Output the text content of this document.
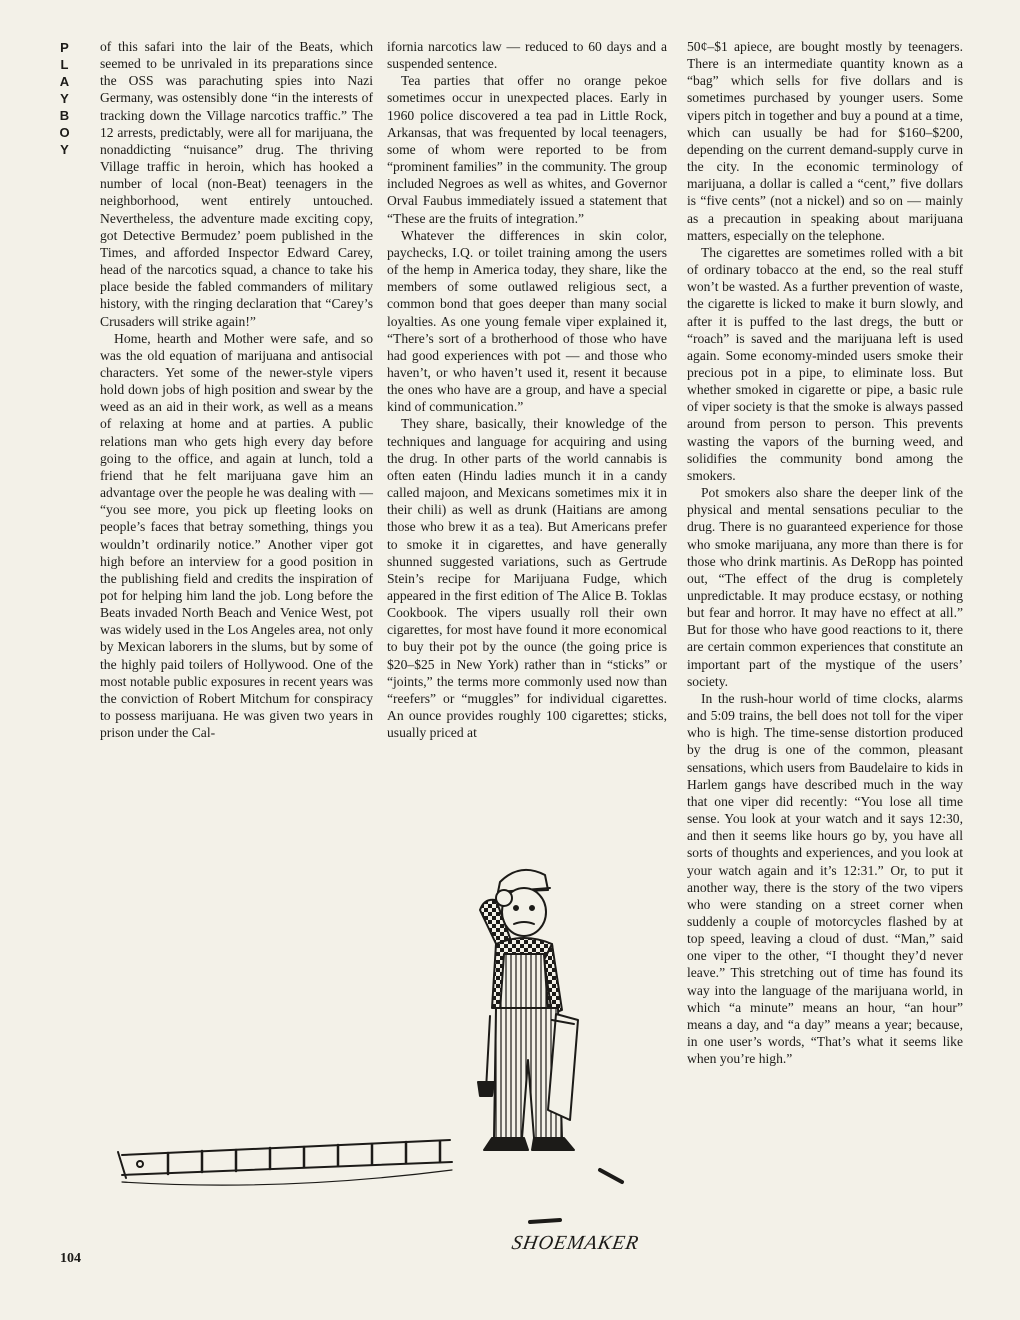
P
L
A
Y
B
O
Y

of this safari into the lair of the Beats, which seemed to be unrivaled in its preparations since the OSS was parachuting spies into Nazi Germany, was ostensibly done “in the interests of tracking down the Village narcotics traffic.” The 12 arrests, predictably, were all for marijuana, the nonaddicting “nuisance” drug. The thriving Village traffic in heroin, which has hooked a number of local (non-Beat) teenagers in the neighborhood, went entirely untouched. Nevertheless, the adventure made exciting copy, got Detective Bermudez’ poem published in the Times, and afforded Inspector Edward Carey, head of the narcotics squad, a chance to take his place beside the fabled commanders of military history, with the ringing declaration that “Carey’s Crusaders will strike again!”

Home, hearth and Mother were safe, and so was the old equation of marijuana and antisocial characters. Yet some of the newer-style vipers hold down jobs of high position and swear by the weed as an aid in their work, as well as a means of relaxing at home and at parties. A public relations man who gets high every day before going to the office, and again at lunch, told a friend that he felt marijuana gave him an advantage over the people he was dealing with — “you see more, you pick up fleeting looks on people’s faces that betray something, things you wouldn’t ordinarily notice.” Another viper got high before an interview for a good position in the publishing field and credits the inspiration of pot for helping him land the job. Long before the Beats invaded North Beach and Venice West, pot was widely used in the Los Angeles area, not only by Mexican laborers in the slums, but by some of the highly paid toilers of Hollywood. One of the most notable public exposures in recent years was the conviction of Robert Mitchum for conspiracy to possess marijuana. He was given two years in prison under the Cal-

ifornia narcotics law — reduced to 60 days and a suspended sentence.

Tea parties that offer no orange pekoe sometimes occur in unexpected places. Early in 1960 police discovered a tea pad in Little Rock, Arkansas, that was frequented by local teenagers, some of whom were reported to be from “prominent families” in the community. The group included Negroes as well as whites, and Governor Orval Faubus immediately issued a statement that “These are the fruits of integration.”

Whatever the differences in skin color, paychecks, I.Q. or toilet training among the users of the hemp in America today, they share, like the members of some outlawed religious sect, a common bond that goes deeper than many social loyalties. As one young female viper explained it, “There’s sort of a brotherhood of those who have had good experiences with pot — and those who haven’t, or who haven’t used it, resent it because the ones who have are a group, and have a special kind of communication.”

They share, basically, their knowledge of the techniques and language for acquiring and using the drug. In other parts of the world cannabis is often eaten (Hindu ladies munch it in a candy called majoon, and Mexicans sometimes mix it in their chili) as well as drunk (Haitians are among those who brew it as a tea). But Americans prefer to smoke it in cigarettes, and have generally shunned suggested variations, such as Gertrude Stein’s recipe for Marijuana Fudge, which appeared in the first edition of The Alice B. Toklas Cookbook. The vipers usually roll their own cigarettes, for most have found it more economical to buy their pot by the ounce (the going price is $20–$25 in New York) rather than in “sticks” or “joints,” the terms more commonly used now than “reefers” or “muggles” for individual cigarettes. An ounce provides roughly 100 cigarettes; sticks, usually priced at

50¢–$1 apiece, are bought mostly by teenagers. There is an intermediate quantity known as a “bag” which sells for five dollars and is sometimes purchased by younger users. Some vipers pitch in together and buy a pound at a time, which can usually be had for $160–$200, depending on the current demand-supply curve in the city. In the economic terminology of marijuana, a dollar is called a “cent,” five dollars is “five cents” (not a nickel) and so on — mainly as a precaution in speaking about marijuana matters, especially on the telephone.

The cigarettes are sometimes rolled with a bit of ordinary tobacco at the end, so the real stuff won’t be wasted. As a further prevention of waste, the cigarette is licked to make it burn slowly, and after it is puffed to the last dregs, the butt or “roach” is saved and the marijuana left is used again. Some economy-minded users smoke their precious pot in a pipe, to eliminate loss. But whether smoked in cigarette or pipe, a basic rule of viper society is that the smoke is always passed around from person to person. This prevents wasting the vapors of the burning weed, and solidifies the community bond among the smokers.

Pot smokers also share the deeper link of the physical and mental sensations peculiar to the drug. There is no guaranteed experience for those who smoke marijuana, any more than there is for those who drink martinis. As DeRopp has pointed out, “The effect of the drug is completely unpredictable. It may produce ecstasy, or nothing but fear and horror. It may have no effect at all.” But for those who have good reactions to it, there are certain common experiences that constitute an important part of the mystique of the users’ society.

In the rush-hour world of time clocks, alarms and 5:09 trains, the bell does not toll for the viper who is high. The time-sense distortion produced by the drug is one of the common, pleasant sensations, which users from Baudelaire to kids in Harlem gangs have described much in the way that one viper did recently: “You lose all time sense. You look at your watch and it says 12:30, and then it seems like hours go by, you have all sorts of thoughts and experiences, and you look at your watch again and it’s 12:31.” Or, to put it another way, there is the story of the two vipers who were standing on a street corner when suddenly a couple of motorcycles flashed by at top speed, leaving a cloud of dust. “Man,” said one viper to the other, “I thought they’d never leave.” This stretching out of time has found its way into the language of the marijuana world, in which “a minute” means an hour, “an hour” means a day, and “a day” means a year; because, in one user’s words, “That’s what it seems like when you’re high.”

SHOEMAKER
104
